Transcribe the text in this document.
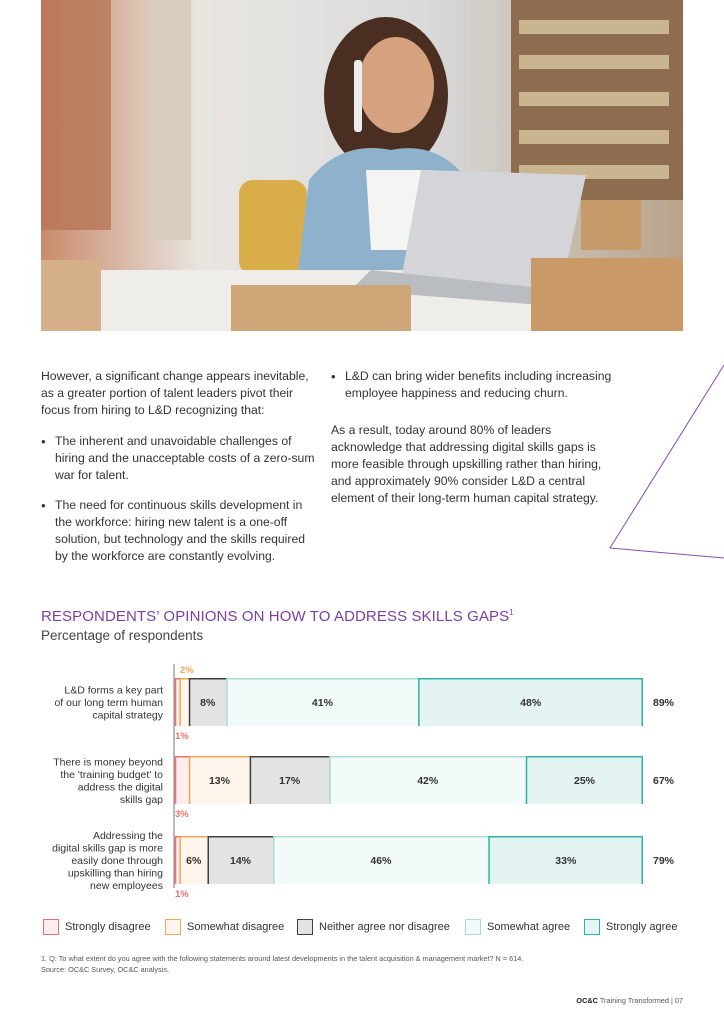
However, a significant change appears inevitable, as a greater portion of talent leaders pivot their focus from hiring to L&D recognizing that:

• The inherent and unavoidable challenges of hiring and the unacceptable costs of a zero-sum war for talent.
• The need for continuous skills development in the workforce: hiring new talent is a one-off solution, but technology and the skills required by the workforce are constantly evolving.
• L&D can bring wider benefits including increasing employee happiness and reducing churn.

As a result, today around 80% of leaders acknowledge that addressing digital skills gaps is more feasible through upskilling rather than hiring, and approximately 90% consider L&D a central element of their long-term human capital strategy.

RESPONDENTS’ OPINIONS ON HOW TO ADDRESS SKILLS GAPS$^1$
Percentage of respondents
8%	41%	48%
1%
2%
89%
L&D forms a key part
of our long term human
capital strategy
13%	17%	42%	25%
3%
67%
There is money beyond
the 'training budget' to
address the digital
skills gap
6%	14%	46%	33%
1%
79%
Addressing the
digital skills gap is more
easily done through
upskilling than hiring
new employees
Strongly disagree	Somewhat disagree	Neither agree nor disagree	Somewhat agree	Strongly agree
1. Q: To what extent do you agree with the following statements around latest developments in the talent acquisition & management market? N = 614.
Source: OC&C Survey, OC&C analysis.
OC&C Training Transformed | 07
